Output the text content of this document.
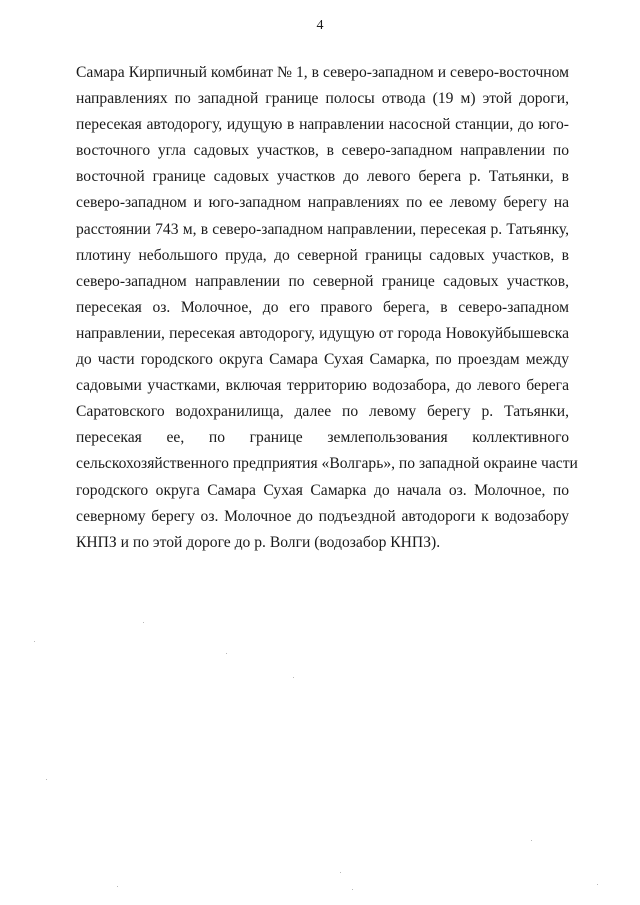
4
Самара Кирпичный комбинат № 1, в северо-западном и северо-восточном
направлениях по западной границе полосы отвода (19 м) этой дороги,
пересекая автодорогу, идущую в направлении насосной станции, до юго-
восточного угла садовых участков, в северо-западном направлении по
восточной границе садовых участков до левого берега р. Татьянки, в
северо-западном и юго-западном направлениях по ее левому берегу на
расстоянии 743 м, в северо-западном направлении, пересекая р. Татьянку,
плотину небольшого пруда, до северной границы садовых участков, в
северо-западном направлении по северной границе садовых участков,
пересекая оз. Молочное, до его правого берега, в северо-западном
направлении, пересекая автодорогу, идущую от города Новокуйбышевска
до части городского округа Самара Сухая Самарка, по проездам между
садовыми участками, включая территорию водозабора, до левого берега
Саратовского водохранилища, далее по левому берегу р. Татьянки,
пересекая ее, по границе землепользования коллективного
сельскохозяйственного предприятия «Волгарь», по западной окраине части
городского округа Самара Сухая Самарка до начала оз. Молочное, по
северному берегу оз. Молочное до подъездной автодороги к водозабору
КНПЗ и по этой дороге до р. Волги (водозабор КНПЗ).
